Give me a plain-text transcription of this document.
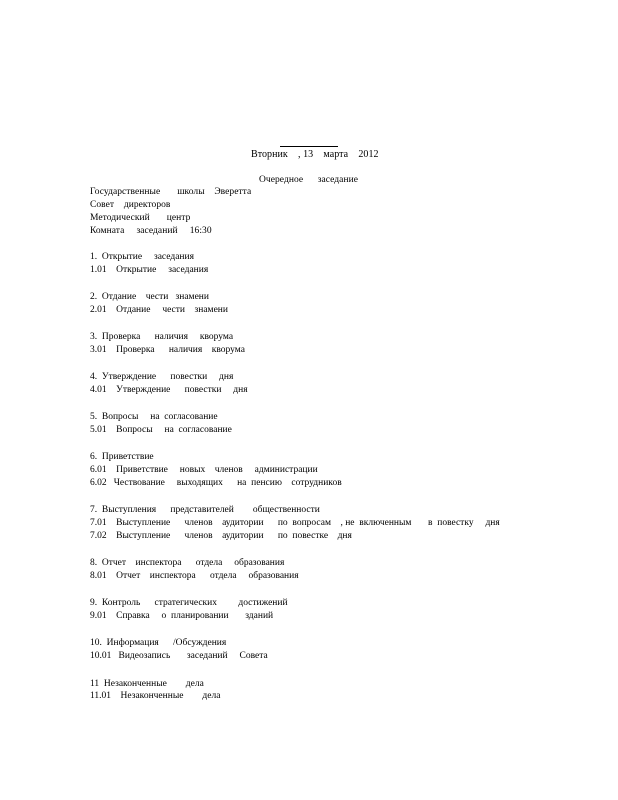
Вторник    , 13    марта    2012
Очередное      заседание
Государственные       школы    Эверетта
Совет    директоров
Методический       центр
Комната     заседаний     16:30
1.  Открытие     заседания
1.01    Открытие     заседания
2.  Отдание    чести   знамени
2.01    Отдание     чести    знамени
3.  Проверка      наличия     кворума
3.01    Проверка      наличия    кворума
4.  Утверждение      повестки     дня
4.01    Утверждение      повестки     дня
5.  Вопросы     на  согласование
5.01    Вопросы     на  согласование
6.  Приветствие
6.01    Приветствие     новых    членов     администрации
6.02   Чествование     выходящих      на  пенсию    сотрудников
7.  Выступления      представителей        общественности
7.01    Выступление      членов    аудитории      по  вопросам    , не  включенным       в  повестку     дня
7.02    Выступление      членов    аудитории      по  повестке    дня
8.  Отчет    инспектора      отдела     образования
8.01    Отчет    инспектора      отдела     образования
9.  Контроль      стратегических         достижений
9.01    Справка     о  планировании       зданий
10.  Информация      /Обсуждения
10.01   Видеозапись       заседаний     Совета
11  Незаконченные        дела
11.01    Незаконченные        дела
